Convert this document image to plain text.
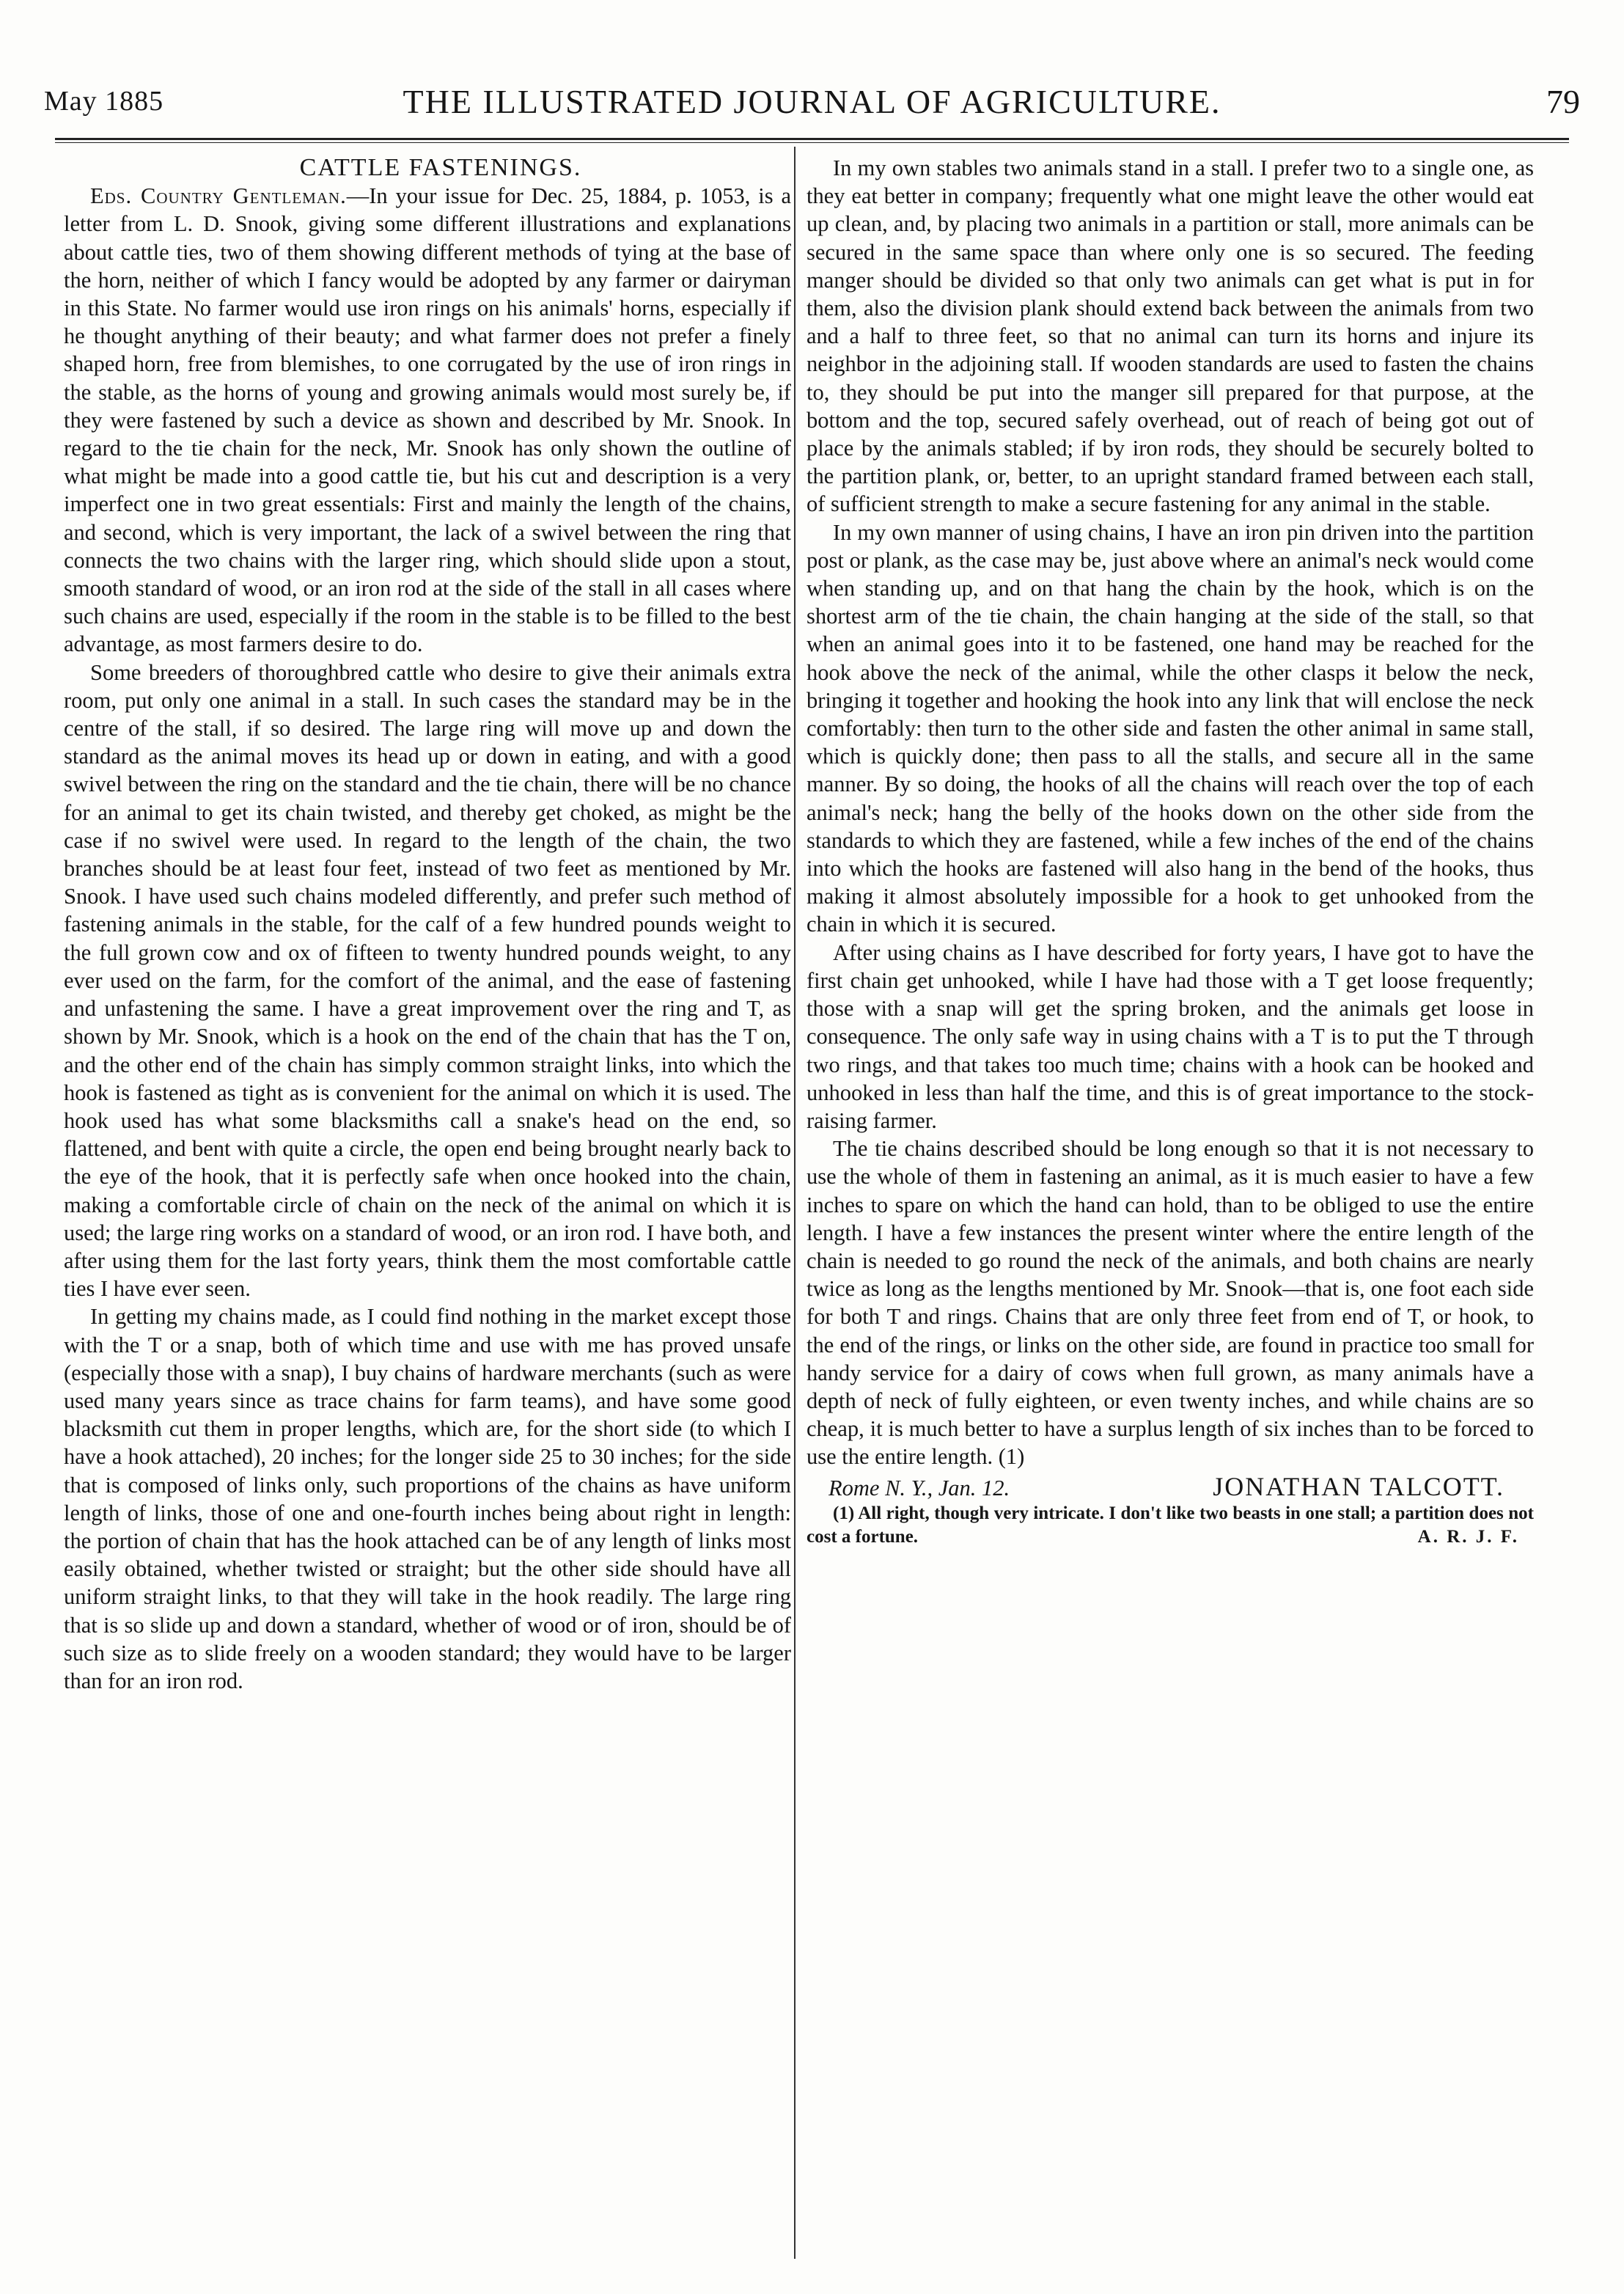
May 1885	THE ILLUSTRATED JOURNAL OF AGRICULTURE.	79

CATTLE FASTENINGS.

Eds. Country Gentleman.—In your issue for Dec. 25, 1884, p. 1053, is a letter from L. D. Snook, giving some different illustrations and explanations about cattle ties, two of them showing different methods of tying at the base of the horn, neither of which I fancy would be adopted by any farmer or dairyman in this State. No farmer would use iron rings on his animals' horns, especially if he thought anything of their beauty; and what farmer does not prefer a finely shaped horn, free from blemishes, to one corrugated by the use of iron rings in the stable, as the horns of young and growing animals would most surely be, if they were fastened by such a device as shown and described by Mr. Snook. In regard to the tie chain for the neck, Mr. Snook has only shown the outline of what might be made into a good cattle tie, but his cut and description is a very imperfect one in two great essentials: First and mainly the length of the chains, and second, which is very important, the lack of a swivel between the ring that connects the two chains with the larger ring, which should slide upon a stout, smooth standard of wood, or an iron rod at the side of the stall in all cases where such chains are used, especially if the room in the stable is to be filled to the best advantage, as most farmers desire to do.

Some breeders of thoroughbred cattle who desire to give their animals extra room, put only one animal in a stall. In such cases the standard may be in the centre of the stall, if so desired. The large ring will move up and down the standard as the animal moves its head up or down in eating, and with a good swivel between the ring on the standard and the tie chain, there will be no chance for an animal to get its chain twisted, and thereby get choked, as might be the case if no swivel were used. In regard to the length of the chain, the two branches should be at least four feet, instead of two feet as mentioned by Mr. Snook. I have used such chains modeled differently, and prefer such method of fastening animals in the stable, for the calf of a few hundred pounds weight to the full grown cow and ox of fifteen to twenty hundred pounds weight, to any ever used on the farm, for the comfort of the animal, and the ease of fastening and unfastening the same. I have a great improvement over the ring and T, as shown by Mr. Snook, which is a hook on the end of the chain that has the T on, and the other end of the chain has simply common straight links, into which the hook is fastened as tight as is convenient for the animal on which it is used. The hook used has what some blacksmiths call a snake's head on the end, so flattened, and bent with quite a circle, the open end being brought nearly back to the eye of the hook, that it is perfectly safe when once hooked into the chain, making a comfortable circle of chain on the neck of the animal on which it is used; the large ring works on a standard of wood, or an iron rod. I have both, and after using them for the last forty years, think them the most comfortable cattle ties I have ever seen.

In getting my chains made, as I could find nothing in the market except those with the T or a snap, both of which time and use with me has proved unsafe (especially those with a snap), I buy chains of hardware merchants (such as were used many years since as trace chains for farm teams), and have some good blacksmith cut them in proper lengths, which are, for the short side (to which I have a hook attached), 20 inches; for the longer side 25 to 30 inches; for the side that is composed of links only, such proportions of the chains as have uniform length of links, those of one and one-fourth inches being about right in length: the portion of chain that has the hook attached can be of any length of links most easily obtained, whether twisted or straight; but the other side should have all uniform straight links, to that they will take in the hook readily. The large ring that is so slide up and down a standard, whether of wood or of iron, should be of such size as to slide freely on a wooden standard; they would have to be larger than for an iron rod.

In my own stables two animals stand in a stall. I prefer two to a single one, as they eat better in company; frequently what one might leave the other would eat up clean, and, by placing two animals in a partition or stall, more animals can be secured in the same space than where only one is so secured. The feeding manger should be divided so that only two animals can get what is put in for them, also the division plank should extend back between the animals from two and a half to three feet, so that no animal can turn its horns and injure its neighbor in the adjoining stall. If wooden standards are used to fasten the chains to, they should be put into the manger sill prepared for that purpose, at the bottom and the top, secured safely overhead, out of reach of being got out of place by the animals stabled; if by iron rods, they should be securely bolted to the partition plank, or, better, to an upright standard framed between each stall, of sufficient strength to make a secure fastening for any animal in the stable.

In my own manner of using chains, I have an iron pin driven into the partition post or plank, as the case may be, just above where an animal's neck would come when standing up, and on that hang the chain by the hook, which is on the shortest arm of the tie chain, the chain hanging at the side of the stall, so that when an animal goes into it to be fastened, one hand may be reached for the hook above the neck of the animal, while the other clasps it below the neck, bringing it together and hooking the hook into any link that will enclose the neck comfortably: then turn to the other side and fasten the other animal in same stall, which is quickly done; then pass to all the stalls, and secure all in the same manner. By so doing, the hooks of all the chains will reach over the top of each animal's neck; hang the belly of the hooks down on the other side from the standards to which they are fastened, while a few inches of the end of the chains into which the hooks are fastened will also hang in the bend of the hooks, thus making it almost absolutely impossible for a hook to get unhooked from the chain in which it is secured.

After using chains as I have described for forty years, I have got to have the first chain get unhooked, while I have had those with a T get loose frequently; those with a snap will get the spring broken, and the animals get loose in consequence. The only safe way in using chains with a T is to put the T through two rings, and that takes too much time; chains with a hook can be hooked and unhooked in less than half the time, and this is of great importance to the stock-raising farmer.

The tie chains described should be long enough so that it is not necessary to use the whole of them in fastening an animal, as it is much easier to have a few inches to spare on which the hand can hold, than to be obliged to use the entire length. I have a few instances the present winter where the entire length of the chain is needed to go round the neck of the animals, and both chains are nearly twice as long as the lengths mentioned by Mr. Snook—that is, one foot each side for both T and rings. Chains that are only three feet from end of T, or hook, to the end of the rings, or links on the other side, are found in practice too small for handy service for a dairy of cows when full grown, as many animals have a depth of neck of fully eighteen, or even twenty inches, and while chains are so cheap, it is much better to have a surplus length of six inches than to be forced to use the entire length. (1)

Rome N. Y., Jan. 12.	JONATHAN TALCOTT.

(1) All right, though very intricate. I don't like two beasts in one stall; a partition does not cost a fortune.	A. R. J. F.
